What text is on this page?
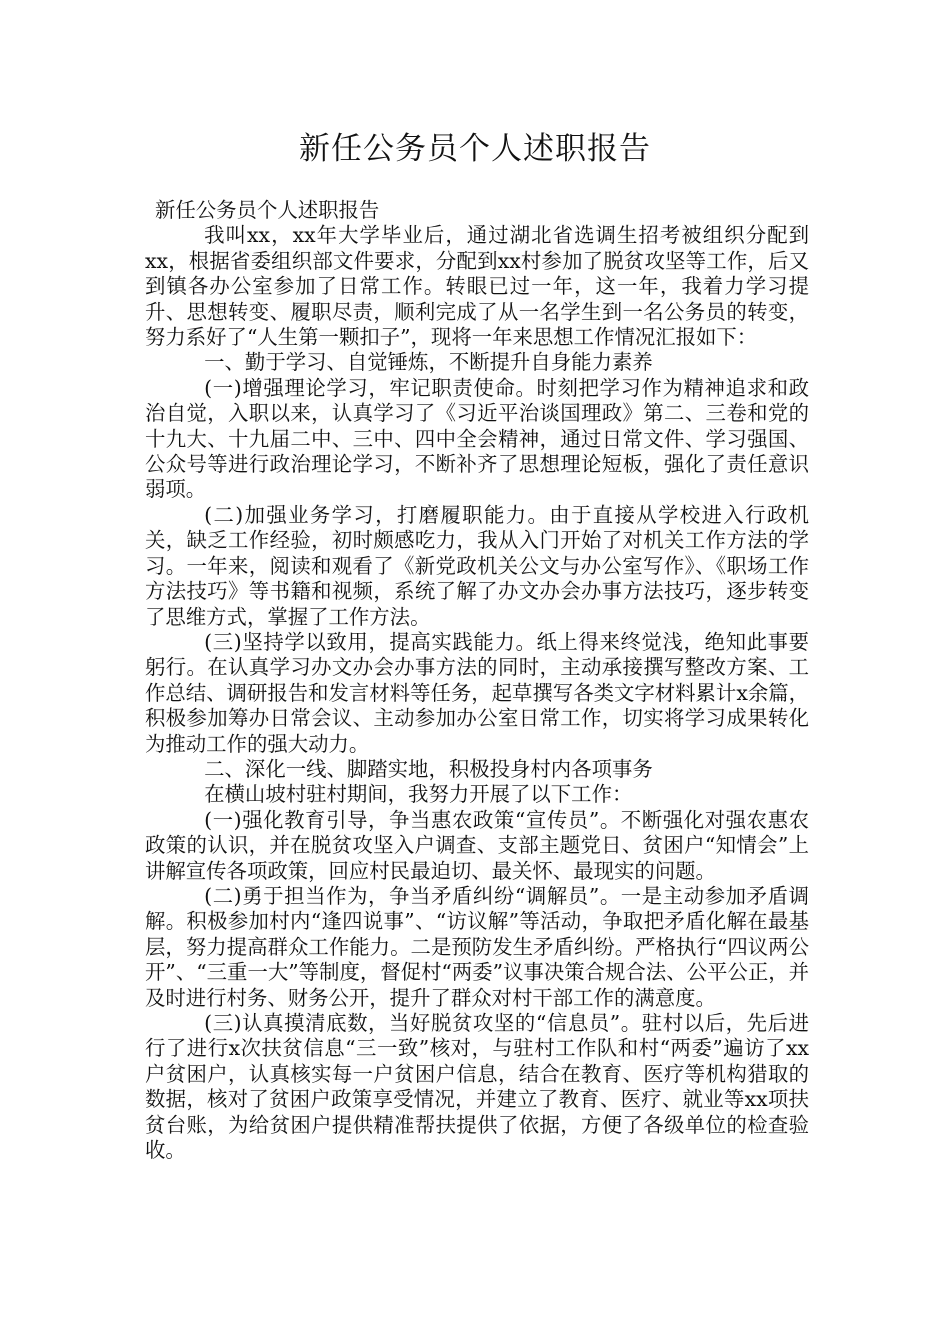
新任公务员个人述职报告

新任公务员个人述职报告

我叫xx，xx年大学毕业后，通过湖北省选调生招考被组织分配到xx，根据省委组织部文件要求，分配到xx村参加了脱贫攻坚等工作，后又到镇各办公室参加了日常工作。转眼已过一年，这一年，我着力学习提升、思想转变、履职尽责，顺利完成了从一名学生到一名公务员的转变，努力系好了“人生第一颗扣子”，现将一年来思想工作情况汇报如下：

一、勤于学习、自觉锤炼，不断提升自身能力素养

(一)增强理论学习，牢记职责使命。时刻把学习作为精神追求和政治自觉，入职以来，认真学习了《习近平治谈国理政》第二、三卷和党的十九大、十九届二中、三中、四中全会精神，通过日常文件、学习强国、公众号等进行政治理论学习，不断补齐了思想理论短板，强化了责任意识弱项。

(二)加强业务学习，打磨履职能力。由于直接从学校进入行政机关，缺乏工作经验，初时颇感吃力，我从入门开始了对机关工作方法的学习。一年来，阅读和观看了《新党政机关公文与办公室写作》、《职场工作方法技巧》等书籍和视频，系统了解了办文办会办事方法技巧，逐步转变了思维方式，掌握了工作方法。

(三)坚持学以致用，提高实践能力。纸上得来终觉浅，绝知此事要躬行。在认真学习办文办会办事方法的同时，主动承接撰写整改方案、工作总结、调研报告和发言材料等任务，起草撰写各类文字材料累计x余篇，积极参加筹办日常会议、主动参加办公室日常工作，切实将学习成果转化为推动工作的强大动力。

二、深化一线、脚踏实地，积极投身村内各项事务

在横山坡村驻村期间，我努力开展了以下工作：

(一)强化教育引导，争当惠农政策“宣传员”。不断强化对强农惠农政策的认识，并在脱贫攻坚入户调查、支部主题党日、贫困户“知情会”上讲解宣传各项政策，回应村民最迫切、最关怀、最现实的问题。

(二)勇于担当作为，争当矛盾纠纷“调解员”。一是主动参加矛盾调解。积极参加村内“逢四说事”、“访议解”等活动，争取把矛盾化解在最基层，努力提高群众工作能力。二是预防发生矛盾纠纷。严格执行“四议两公开”、“三重一大”等制度，督促村“两委”议事决策合规合法、公平公正，并及时进行村务、财务公开，提升了群众对村干部工作的满意度。

(三)认真摸清底数，当好脱贫攻坚的“信息员”。驻村以后，先后进行了进行x次扶贫信息“三一致”核对，与驻村工作队和村“两委”遍访了xx户贫困户，认真核实每一户贫困户信息，结合在教育、医疗等机构猎取的数据，核对了贫困户政策享受情况，并建立了教育、医疗、就业等xx项扶贫台账，为给贫困户提供精准帮扶提供了依据，方便了各级单位的检查验收。
